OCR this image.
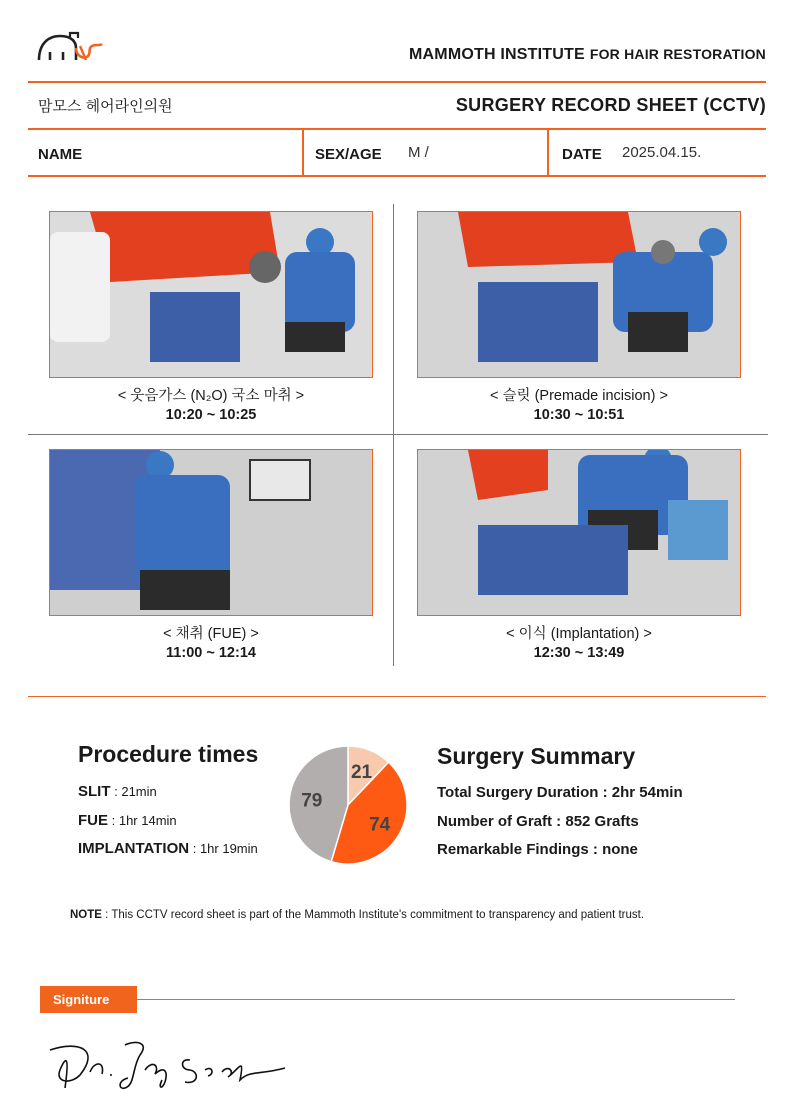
MAMMOTH INSTITUTE FOR HAIR RESTORATION
맘모스 헤어라인의원	SURGERY RECORD SHEET (CCTV)
NAME	SEX/AGE M /	DATE 2025.04.15.
< 웃음가스 (N₂O) 국소 마취 >
10:20 ~ 10:25
< 슬릿 (Premade incision) >
10:30 ~ 10:51
< 채취 (FUE) >
11:00 ~ 12:14
< 이식 (Implantation) >
12:30 ~ 13:49
Procedure times
SLIT : 21min
FUE : 1hr 14min
IMPLANTATION : 1hr 19min
21
74
79
Surgery Summary
Total Surgery Duration : 2hr 54min
Number of Graft : 852 Grafts
Remarkable Findings : none
NOTE : This CCTV record sheet is part of the Mammoth Institute's commitment to transparency and patient trust.
Signiture
Dr. Jay Seok
